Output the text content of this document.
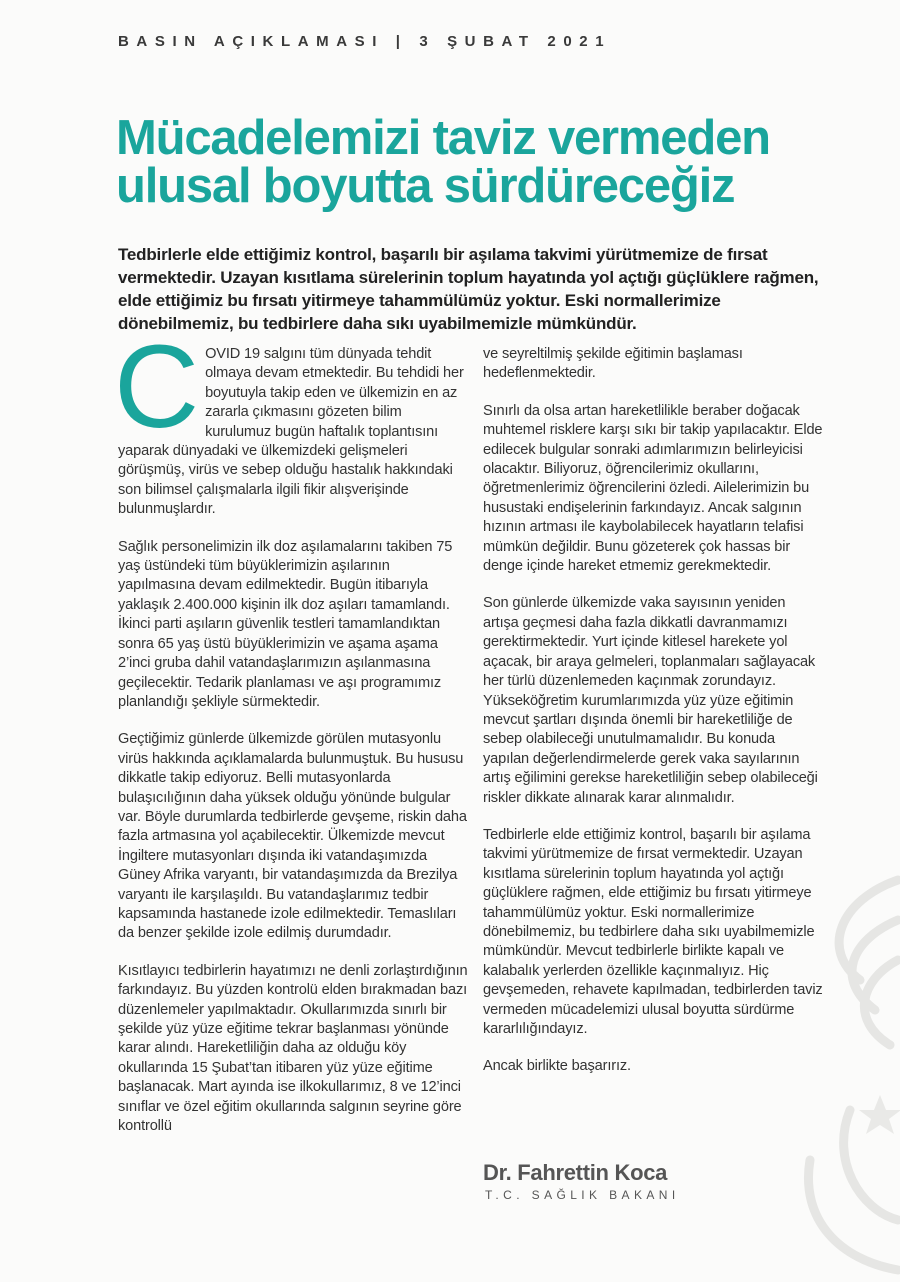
BASIN AÇIKLAMASI | 3 ŞUBAT 2021
Mücadelemizi taviz vermeden ulusal boyutta sürdüreceğiz

Tedbirlerle elde ettiğimiz kontrol, başarılı bir aşılama takvimi yürütmemize de fırsat vermektedir. Uzayan kısıtlama sürelerinin toplum hayatında yol açtığı güçlüklere rağmen, elde ettiğimiz bu fırsatı yitirmeye tahammülümüz yoktur. Eski normallerimize dönebilmemiz, bu tedbirlere daha sıkı uyabilmemizle mümkündür.

COVID 19 salgını tüm dünyada tehdit olmaya devam etmektedir. Bu tehdidi her boyutuyla takip eden ve ülkemizin en az zararla çıkmasını gözeten bilim kurulumuz bugün haftalık toplantısını yaparak dünyadaki ve ülkemizdeki gelişmeleri görüşmüş, virüs ve sebep olduğu hastalık hakkındaki son bilimsel çalışmalarla ilgili fikir alışverişinde bulunmuşlardır.

Sağlık personelimizin ilk doz aşılamalarını takiben 75 yaş üstündeki tüm büyüklerimizin aşılarının yapılmasına devam edilmektedir. Bugün itibarıyla yaklaşık 2.400.000 kişinin ilk doz aşıları tamamlandı. İkinci parti aşıların güvenlik testleri tamamlandıktan sonra 65 yaş üstü büyüklerimizin ve aşama aşama 2’inci gruba dahil vatandaşlarımızın aşılanmasına geçilecektir. Tedarik planlaması ve aşı programımız planlandığı şekliyle sürmektedir.

Geçtiğimiz günlerde ülkemizde görülen mutasyonlu virüs hakkında açıklamalarda bulunmuştuk. Bu hususu dikkatle takip ediyoruz. Belli mutasyonlarda bulaşıcılığının daha yüksek olduğu yönünde bulgular var. Böyle durumlarda tedbirlerde gevşeme, riskin daha fazla artmasına yol açabilecektir. Ülkemizde mevcut İngiltere mutasyonları dışında iki vatandaşımızda Güney Afrika varyantı, bir vatandaşımızda da Brezilya varyantı ile karşılaşıldı. Bu vatandaşlarımız tedbir kapsamında hastanede izole edilmektedir. Temaslıları da benzer şekilde izole edilmiş durumdadır.

Kısıtlayıcı tedbirlerin hayatımızı ne denli zorlaştırdığının farkındayız. Bu yüzden kontrolü elden bırakmadan bazı düzenlemeler yapılmaktadır. Okullarımızda sınırlı bir şekilde yüz yüze eğitime tekrar başlanması yönünde karar alındı. Hareketliliğin daha az olduğu köy okullarında 15 Şubat’tan itibaren yüz yüze eğitime başlanacak. Mart ayında ise ilkokullarımız, 8 ve 12’inci sınıflar ve özel eğitim okullarında salgının seyrine göre kontrollü

ve seyreltilmiş şekilde eğitimin başlaması hedeflenmektedir.

Sınırlı da olsa artan hareketlilikle beraber doğacak muhtemel risklere karşı sıkı bir takip yapılacaktır. Elde edilecek bulgular sonraki adımlarımızın belirleyicisi olacaktır. Biliyoruz, öğrencilerimiz okullarını, öğretmenlerimiz öğrencilerini özledi. Ailelerimizin bu husustaki endişelerinin farkındayız. Ancak salgının hızının artması ile kaybolabilecek hayatların telafisi mümkün değildir. Bunu gözeterek çok hassas bir denge içinde hareket etmemiz gerekmektedir.

Son günlerde ülkemizde vaka sayısının yeniden artışa geçmesi daha fazla dikkatli davranmamızı gerektirmektedir. Yurt içinde kitlesel harekete yol açacak, bir araya gelmeleri, toplanmaları sağlayacak her türlü düzenlemeden kaçınmak zorundayız. Yükseköğretim kurumlarımızda yüz yüze eğitimin mevcut şartları dışında önemli bir hareketliliğe de sebep olabileceği unutulmamalıdır. Bu konuda yapılan değerlendirmelerde gerek vaka sayılarının artış eğilimini gerekse hareketliliğin sebep olabileceği riskler dikkate alınarak karar alınmalıdır.

Tedbirlerle elde ettiğimiz kontrol, başarılı bir aşılama takvimi yürütmemize de fırsat vermektedir. Uzayan kısıtlama sürelerinin toplum hayatında yol açtığı güçlüklere rağmen, elde ettiğimiz bu fırsatı yitirmeye tahammülümüz yoktur. Eski normallerimize dönebilmemiz, bu tedbirlere daha sıkı uyabilmemizle mümkündür. Mevcut tedbirlerle birlikte kapalı ve kalabalık yerlerden özellikle kaçınmalıyız. Hiç gevşemeden, rehavete kapılmadan, tedbirlerden taviz vermeden mücadelemizi ulusal boyutta sürdürme kararlılığındayız.

Ancak birlikte başarırız.

Dr. Fahrettin Koca
T.C. SAĞLIK BAKANI
